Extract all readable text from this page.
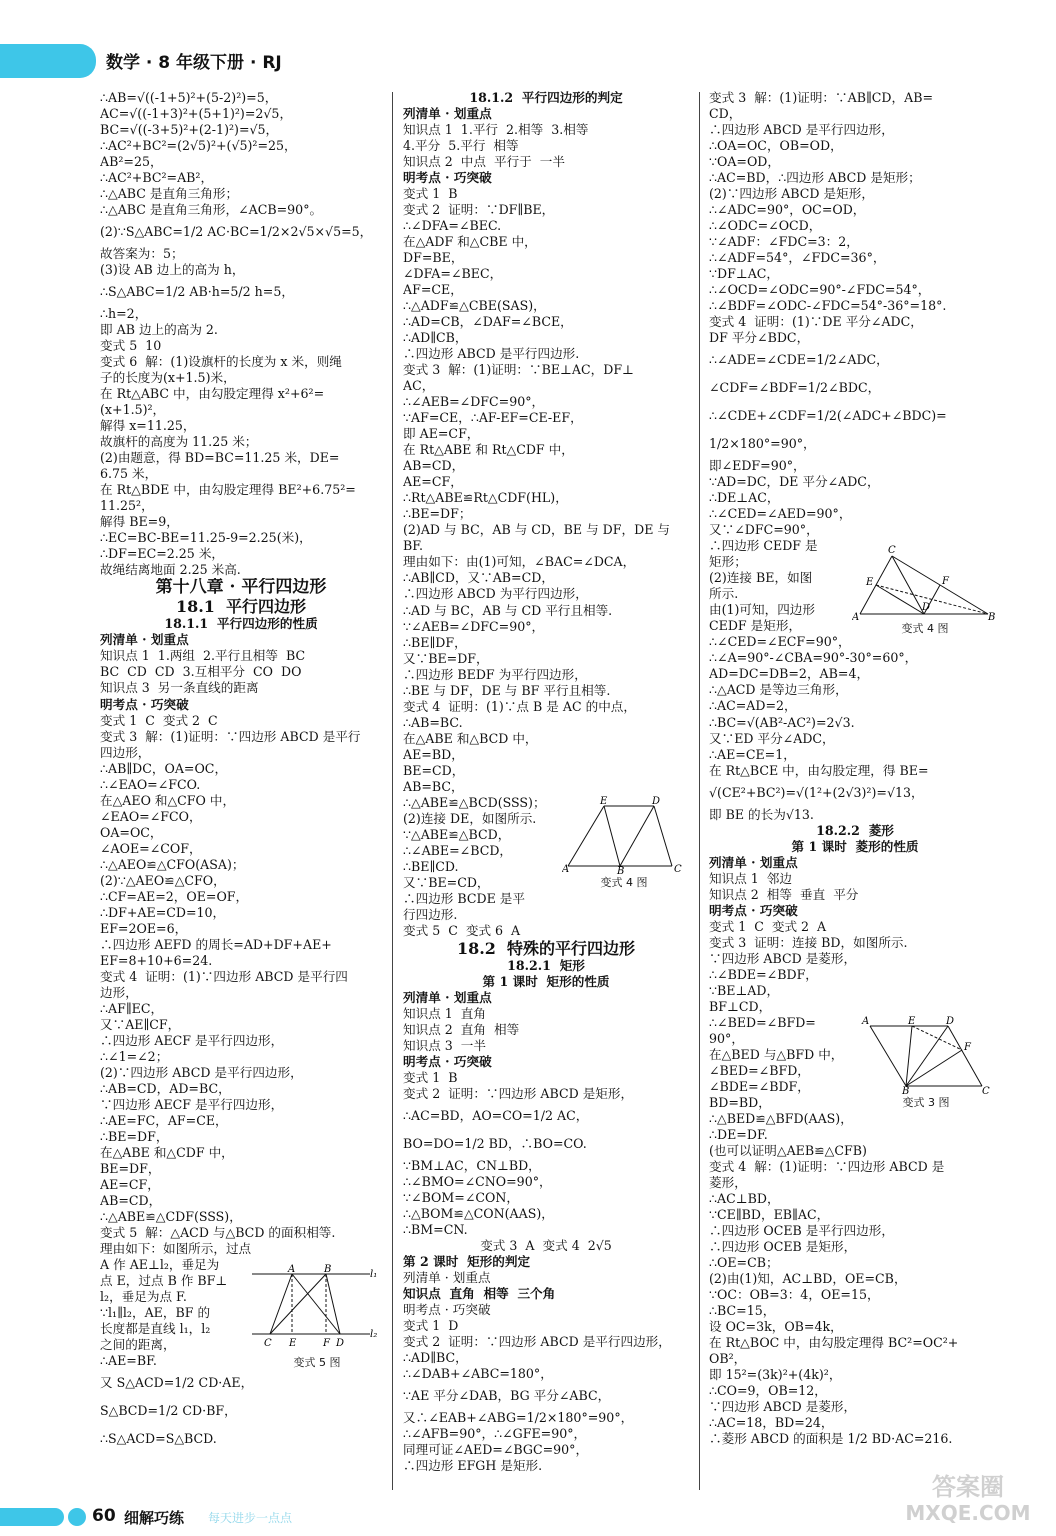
数学 · 8 年级下册 · RJ
∴AB=√((-1+5)²+(5-2)²)=5，
AC=√((-1+3)²+(5+1)²)=2√5，
BC=√((-3+5)²+(2-1)²)=√5，
∴AC²+BC²=(2√5)²+(√5)²=25，
AB²=25，
∴AC²+BC²=AB²，
∴△ABC 是直角三角形；
∴△ABC 是直角三角形，∠ACB=90°。
(2)∵S△ABC=1/2 AC·BC=1/2×2√5×√5=5，
故答案为：5；
(3)设 AB 边上的高为 h，
∴S△ABC=1/2 AB·h=5/2 h=5，
∴h=2，
即 AB 边上的高为 2.
变式 5  10
变式 6  解：(1)设旗杆的长度为 x 米，则绳
子的长度为(x+1.5)米，
在 Rt△ABC 中，由勾股定理得 x²+6²=
(x+1.5)²，
解得 x=11.25，
故旗杆的高度为 11.25 米；
(2)由题意，得 BD=BC=11.25 米，DE=
6.75 米，
在 Rt△BDE 中，由勾股定理得 BE²+6.75²=
11.25²，
解得 BE=9，
∴EC=BC-BE=11.25-9=2.25(米)，
∴DF=EC=2.25 米，
故绳结离地面 2.25 米高.
第十八章 · 平行四边形
18.1  平行四边形
18.1.1  平行四边形的性质
列清单 · 划重点
知识点 1  1.两组  2.平行且相等  BC
BC  CD  CD  3.互相平分  CO  DO
知识点 3  另一条直线的距离
明考点 · 巧突破
变式 1  C  变式 2  C
变式 3  解：(1)证明：∵四边形 ABCD 是平行
四边形，
∴AB∥DC，OA=OC，
∴∠EAO=∠FCO.
在△AEO 和△CFO 中，
∠EAO=∠FCO，
OA=OC，
∠AOE=∠COF，
∴△AEO≌△CFO(ASA)；
(2)∵△AEO≌△CFO，
∴CF=AE=2，OE=OF，
∴DF+AE=CD=10，
EF=2OE=6，
∴四边形 AEFD 的周长=AD+DF+AE+
EF=8+10+6=24.
变式 4  证明：(1)∵四边形 ABCD 是平行四
边形，
∴AF∥EC，
又∵AE∥CF，
∴四边形 AECF 是平行四边形，
∴∠1=∠2；
(2)∵四边形 ABCD 是平行四边形，
∴AB=CD，AD=BC，
∵四边形 AECF 是平行四边形，
∴AE=FC，AF=CE，
∴BE=DF，
在△ABE 和△CDF 中，
BE=DF，
AE=CF，
AB=CD，
∴△ABE≌△CDF(SSS)，
变式 5  解：△ACD 与△BCD 的面积相等.
理由如下：如图所示，过点
A 作 AE⊥l₂，垂足为
点 E，过点 B 作 BF⊥
l₂，垂足为点 F.
∵l₁∥l₂，AE，BF 的
长度都是直线 l₁，l₂
之间的距离，
∴AE=BF.
又 S△ACD=1/2 CD·AE，
S△BCD=1/2 CD·BF，
∴S△ACD=S△BCD.
18.1.2  平行四边形的判定
列清单 · 划重点
知识点 1  1.平行  2.相等  3.相等
4.平分  5.平行  相等
知识点 2  中点  平行于  一半
明考点 · 巧突破
变式 1  B
变式 2  证明：∵DF∥BE，
∴∠DFA=∠BEC.
在△ADF 和△CBE 中，
DF=BE，
∠DFA=∠BEC，
AF=CE，
∴△ADF≌△CBE(SAS)，
∴AD=CB，∠DAF=∠BCE，
∴AD∥CB，
∴四边形 ABCD 是平行四边形.
变式 3  解：(1)证明：∵BE⊥AC，DF⊥
AC，
∴∠AEB=∠DFC=90°，
∵AF=CE，∴AF-EF=CE-EF，
即 AE=CF，
在 Rt△ABE 和 Rt△CDF 中，
AB=CD，
AE=CF，
∴Rt△ABE≌Rt△CDF(HL)，
∴BE=DF；
(2)AD 与 BC，AB 与 CD，BE 与 DF，DE 与
BF.
理由如下：由(1)可知，∠BAC=∠DCA，
∴AB∥CD，又∵AB=CD，
∴四边形 ABCD 为平行四边形，
∴AD 与 BC，AB 与 CD 平行且相等.
∵∠AEB=∠DFC=90°，
∴BE∥DF，
又∵BE=DF，
∴四边形 BEDF 为平行四边形，
∴BE 与 DF，DE 与 BF 平行且相等.
变式 4  证明：(1)∵点 B 是 AC 的中点，
∴AB=BC.
在△ABE 和△BCD 中，
AE=BD，
BE=CD，
AB=BC，
∴△ABE≌△BCD(SSS)；
(2)连接 DE，如图所示.
∵△ABE≌△BCD，
∴∠ABE=∠BCD，
∴BE∥CD.
又∵BE=CD，
∴四边形 BCDE 是平
行四边形.
变式 5  C  变式 6  A
18.2  特殊的平行四边形
18.2.1  矩形
第 1 课时  矩形的性质
列清单 · 划重点
知识点 1  直角
知识点 2  直角  相等
知识点 3  一半
明考点 · 巧突破
变式 1  B
变式 2  证明：∵四边形 ABCD 是矩形，
∴AC=BD，AO=CO=1/2 AC，
BO=DO=1/2 BD，∴BO=CO.
∵BM⊥AC，CN⊥BD，
∴∠BMO=∠CNO=90°，
∵∠BOM=∠CON，
∴△BOM≌△CON(AAS)，
∴BM=CN.
变式 3  A  变式 4  2√5
第 2 课时  矩形的判定
列清单 · 划重点
知识点  直角  相等  三个角
明考点 · 巧突破
变式 1  D
变式 2  证明：∵四边形 ABCD 是平行四边形，
∴AD∥BC，
∴∠DAB+∠ABC=180°，
∵AE 平分∠DAB，BG 平分∠ABC，
又∴∠EAB+∠ABG=1/2×180°=90°，
∴∠AFB=90°，∴∠GFE=90°，
同理可证∠AED=∠BGC=90°，
∴四边形 EFGH 是矩形.
变式 3  解：(1)证明：∵AB∥CD，AB=
CD，
∴四边形 ABCD 是平行四边形，
∴OA=OC，OB=OD，
∵OA=OD，
∴AC=BD，∴四边形 ABCD 是矩形；
(2)∵四边形 ABCD 是矩形，
∴∠ADC=90°，OC=OD，
∴∠ODC=∠OCD，
∵∠ADF：∠FDC=3：2，
∴∠ADF=54°，∠FDC=36°，
∵DF⊥AC，
∴∠OCD=∠ODC=90°-∠FDC=54°，
∴∠BDF=∠ODC-∠FDC=54°-36°=18°.
变式 4  证明：(1)∵DE 平分∠ADC，
DF 平分∠BDC，
∴∠ADE=∠CDE=1/2∠ADC，
∠CDF=∠BDF=1/2∠BDC，
∴∠CDE+∠CDF=1/2(∠ADC+∠BDC)=
1/2×180°=90°，
即∠EDF=90°，
∵AD=DC，DE 平分∠ADC，
∴DE⊥AC，
∴∠CED=∠AED=90°，
又∵∠DFC=90°，
∴四边形 CEDF 是
矩形；
(2)连接 BE，如图
所示.
由(1)可知，四边形
CEDF 是矩形，
∴∠CED=∠ECF=90°，
∴∠A=90°-∠CBA=90°-30°=60°，
AD=DC=DB=2，AB=4，
∴△ACD 是等边三角形，
∴AC=AD=2，
∴BC=√(AB²-AC²)=2√3.
又∵ED 平分∠ADC，
∴AE=CE=1，
在 Rt△BCE 中，由勾股定理，得 BE=
√(CE²+BC²)=√(1²+(2√3)²)=√13，
即 BE 的长为√13.
18.2.2  菱形
第 1 课时  菱形的性质
列清单 · 划重点
知识点 1  邻边
知识点 2  相等  垂直  平分
明考点 · 巧突破
变式 1  C  变式 2  A
变式 3  证明：连接 BD，如图所示.
∵四边形 ABCD 是菱形，
∴∠BDE=∠BDF，
∵BE⊥AD，
BF⊥CD，
∴∠BED=∠BFD=
90°，
在△BED 与△BFD 中，
∠BED=∠BFD，
∠BDE=∠BDF，
BD=BD，
∴△BED≌△BFD(AAS)，
∴DE=DF.
(也可以证明△AEB≌△CFB)
变式 4  解：(1)证明：∵四边形 ABCD 是
菱形，
∴AC⊥BD，
∵CE∥BD，EB∥AC，
∴四边形 OCEB 是平行四边形，
∴四边形 OCEB 是矩形，
∴OE=CB；
(2)由(1)知，AC⊥BD，OE=CB，
∵OC：OB=3：4，OE=15，
∴BC=15，
设 OC=3k，OB=4k，
在 Rt△BOC 中，由勾股定理得 BC²=OC²+
OB²，
即 15²=(3k)²+(4k)²，
∴CO=9，OB=12，
∵四边形 ABCD 是菱形，
∴AC=18，BD=24，
∴菱形 ABCD 的面积是 1/2 BD·AC=216.
A	B	l₁
C E	F D
l₂
变式 5 图
E	D
A	B	C
变式 4 图
C
F
E
A
D
B
变式 4 图
A	E	D
F
B	C
变式 3 图
60 细解巧练 每天进步一点点
答案圈
MXQE.COM
